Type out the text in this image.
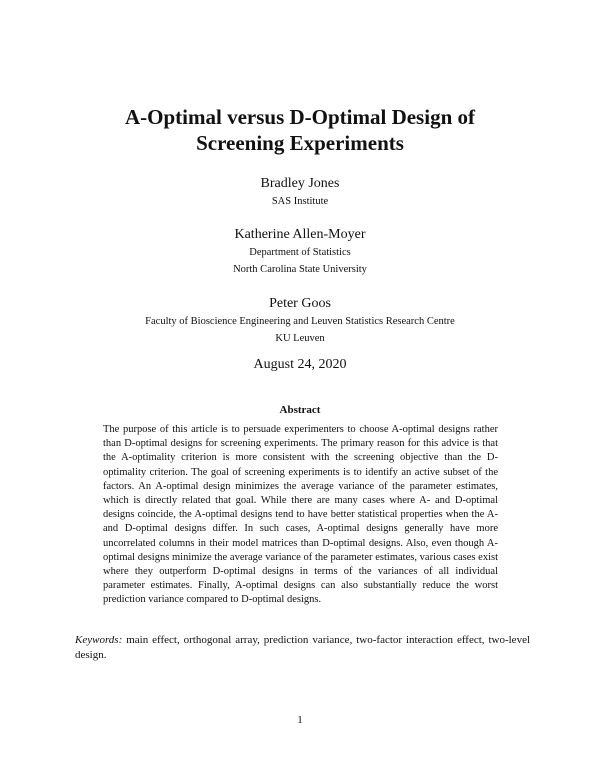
A-Optimal versus D-Optimal Design of
Screening Experiments
Bradley Jones
SAS Institute
Katherine Allen-Moyer
Department of Statistics
North Carolina State University
Peter Goos
Faculty of Bioscience Engineering and Leuven Statistics Research Centre
KU Leuven
August 24, 2020
Abstract
The purpose of this article is to persuade experimenters to choose A-optimal designs rather than D-optimal designs for screening experiments. The primary reason for this advice is that the A-optimality criterion is more consistent with the screening objective than the D-optimality criterion. The goal of screening experiments is to identify an active subset of the factors. An A-optimal design minimizes the average variance of the parameter estimates, which is directly related that goal. While there are many cases where A- and D-optimal designs coincide, the A-optimal designs tend to have better statistical properties when the A- and D-optimal designs differ. In such cases, A-optimal designs generally have more uncorrelated columns in their model matrices than D-optimal designs. Also, even though A-optimal designs minimize the average variance of the parameter estimates, various cases exist where they outperform D-optimal designs in terms of the variances of all individual parameter estimates. Finally, A-optimal designs can also substantially reduce the worst prediction variance compared to D-optimal designs.
Keywords: main effect, orthogonal array, prediction variance, two-factor interaction effect, two-level design.
1
